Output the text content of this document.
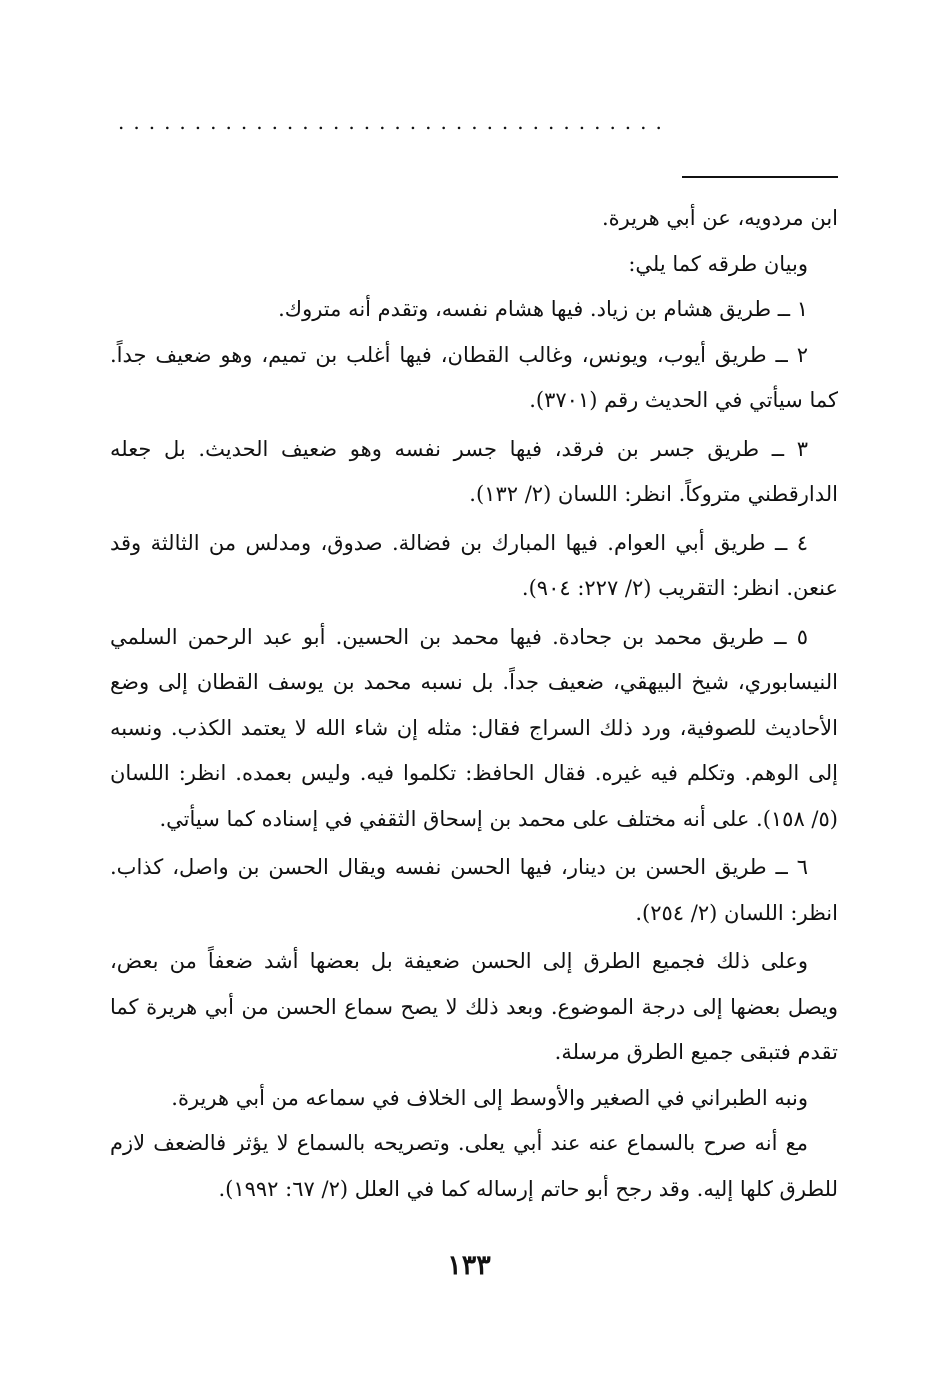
....................................

ابن مردويه، عن أبي هريرة.

وبيان طرقه كما يلي:

١ ــ طريق هشام بن زياد. فيها هشام نفسه، وتقدم أنه متروك.

٢ ــ طريق أيوب، ويونس، وغالب القطان، فيها أغلب بن تميم، وهو ضعيف جداً. كما سيأتي في الحديث رقم (٣٧٠١).

٣ ــ طريق جسر بن فرقد، فيها جسر نفسه وهو ضعيف الحديث. بل جعله الدارقطني متروكاً. انظر: اللسان (٢/ ١٣٢).

٤ ــ طريق أبي العوام. فيها المبارك بن فضالة. صدوق، ومدلس من الثالثة وقد عنعن. انظر: التقريب (٢/ ٢٢٧: ٩٠٤).

٥ ــ طريق محمد بن جحادة. فيها محمد بن الحسين. أبو عبد الرحمن السلمي النيسابوري، شيخ البيهقي، ضعيف جداً. بل نسبه محمد بن يوسف القطان إلى وضع الأحاديث للصوفية، ورد ذلك السراج فقال: مثله إن شاء الله لا يعتمد الكذب. ونسبه إلى الوهم. وتكلم فيه غيره. فقال الحافظ: تكلموا فيه. وليس بعمده. انظر: اللسان (٥/ ١٥٨). على أنه مختلف على محمد بن إسحاق الثقفي في إسناده كما سيأتي.

٦ ــ طريق الحسن بن دينار، فيها الحسن نفسه ويقال الحسن بن واصل، كذاب. انظر: اللسان (٢/ ٢٥٤).

وعلى ذلك فجميع الطرق إلى الحسن ضعيفة بل بعضها أشد ضعفاً من بعض، ويصل بعضها إلى درجة الموضوع. وبعد ذلك لا يصح سماع الحسن من أبي هريرة كما تقدم فتبقى جميع الطرق مرسلة.

ونبه الطبراني في الصغير والأوسط إلى الخلاف في سماعه من أبي هريرة.

مع أنه صرح بالسماع عنه عند أبي يعلى. وتصريحه بالسماع لا يؤثر فالضعف لازم للطرق كلها إليه. وقد رجح أبو حاتم إرساله كما في العلل (٢/ ٦٧: ١٩٩٢).

١٣٣
